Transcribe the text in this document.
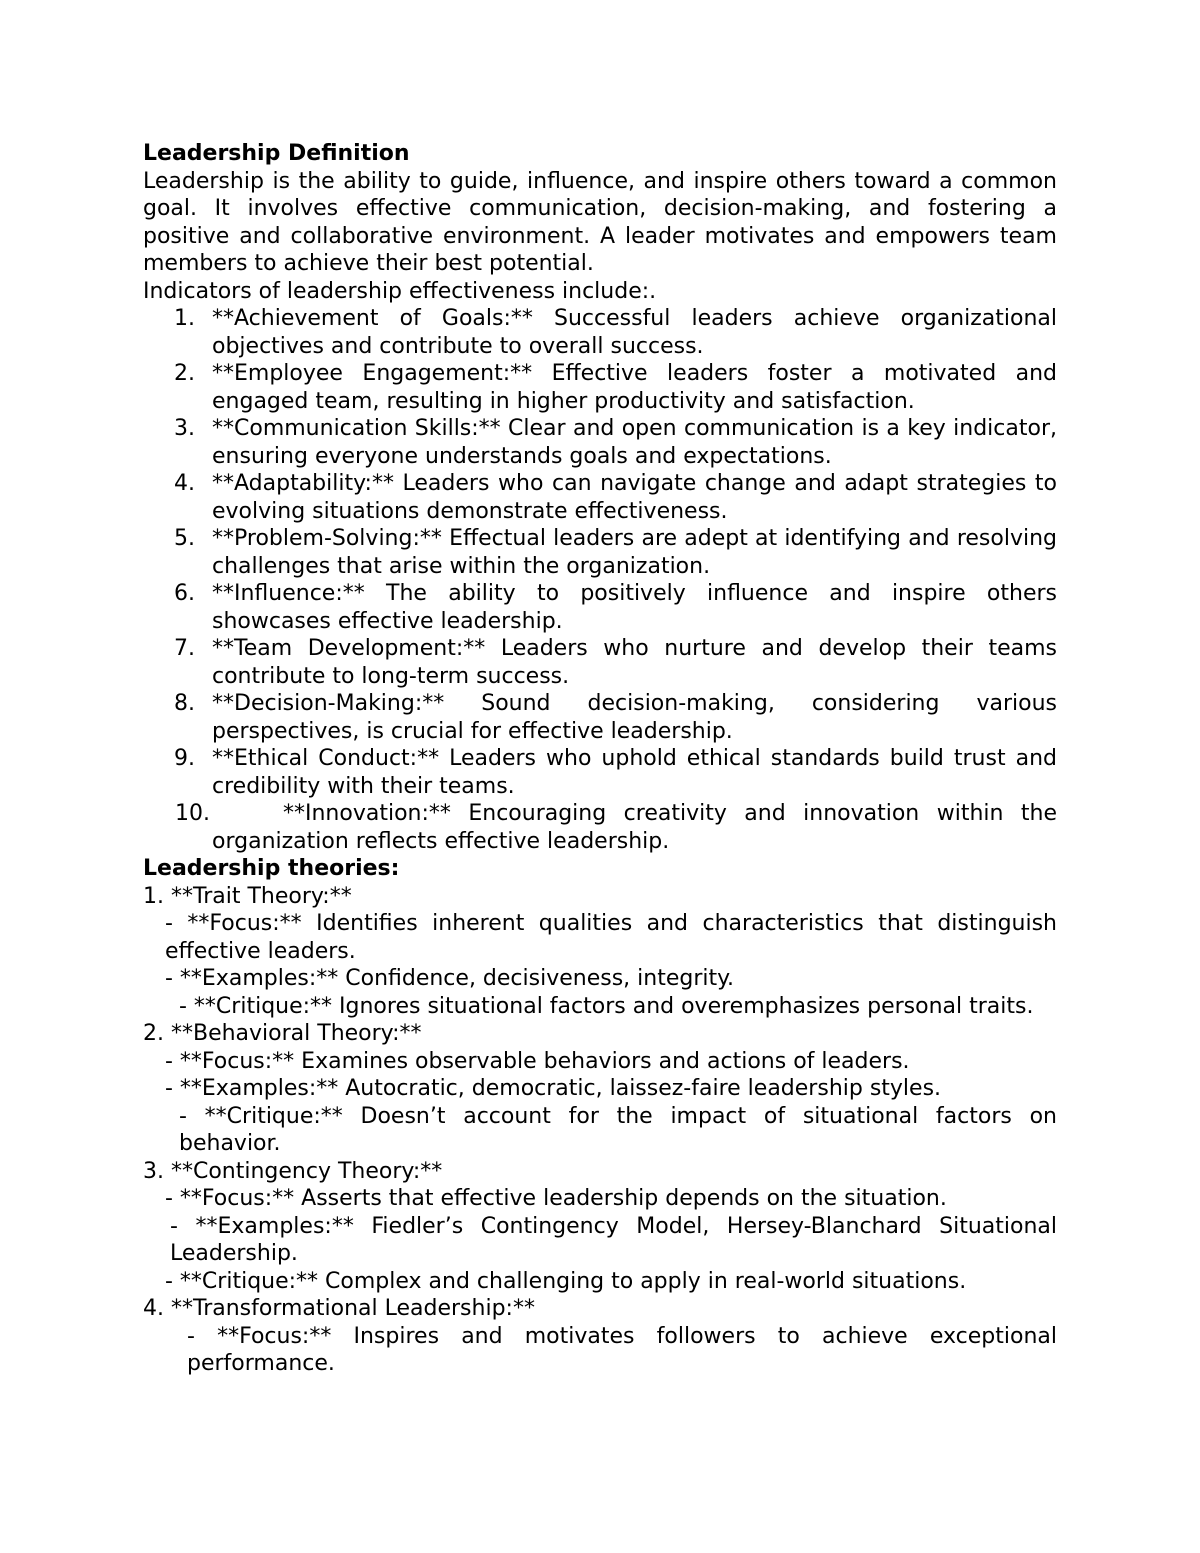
Leadership Definition
Leadership is the ability to guide, influence, and inspire others toward a common goal. It involves effective communication, decision-making, and fostering a positive and collaborative environment. A leader motivates and empowers team members to achieve their best potential.
Indicators of leadership effectiveness include:.
1. **Achievement of Goals:** Successful leaders achieve organizational objectives and contribute to overall success.
2. **Employee Engagement:** Effective leaders foster a motivated and engaged team, resulting in higher productivity and satisfaction.
3. **Communication Skills:** Clear and open communication is a key indicator, ensuring everyone understands goals and expectations.
4. **Adaptability:** Leaders who can navigate change and adapt strategies to evolving situations demonstrate effectiveness.
5. **Problem-Solving:** Effectual leaders are adept at identifying and resolving challenges that arise within the organization.
6. **Influence:** The ability to positively influence and inspire others showcases effective leadership.
7. **Team Development:** Leaders who nurture and develop their teams contribute to long-term success.
8. **Decision-Making:** Sound decision-making, considering various perspectives, is crucial for effective leadership.
9. **Ethical Conduct:** Leaders who uphold ethical standards build trust and credibility with their teams.
10.	**Innovation:** Encouraging creativity and innovation within the organization reflects effective leadership.
Leadership theories:
1. **Trait Theory:**
- **Focus:** Identifies inherent qualities and characteristics that distinguish effective leaders.
- **Examples:** Confidence, decisiveness, integrity.
- **Critique:** Ignores situational factors and overemphasizes personal traits.
2. **Behavioral Theory:**
- **Focus:** Examines observable behaviors and actions of leaders.
- **Examples:** Autocratic, democratic, laissez-faire leadership styles.
- **Critique:** Doesn’t account for the impact of situational factors on behavior.
3. **Contingency Theory:**
- **Focus:** Asserts that effective leadership depends on the situation.
- **Examples:** Fiedler’s Contingency Model, Hersey-Blanchard Situational Leadership.
- **Critique:** Complex and challenging to apply in real-world situations.
4. **Transformational Leadership:**
- **Focus:** Inspires and motivates followers to achieve exceptional performance.
